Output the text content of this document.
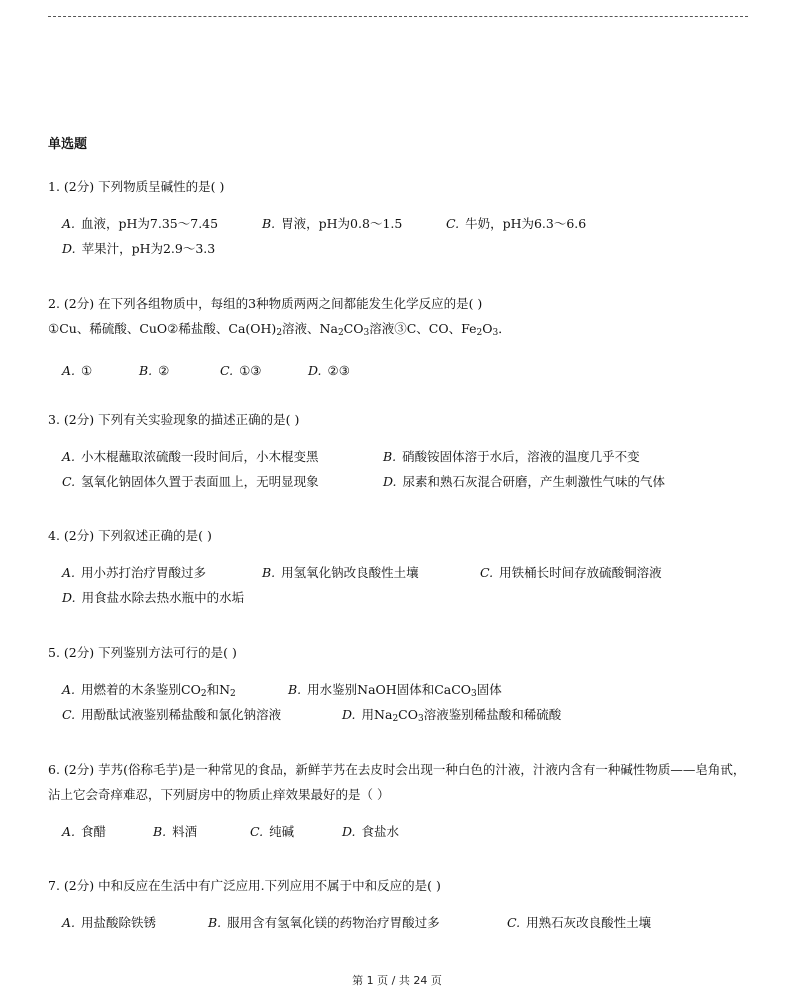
单选题
1. (2分) 下列物质呈碱性的是( )
A. 血液，pH为7.35～7.45	B. 胃液，pH为0.8～1.5	C. 牛奶，pH为6.3～6.6
D. 苹果汁，pH为2.9～3.3
2. (2分) 在下列各组物质中，每组的3种物质两两之间都能发生化学反应的是( )
①Cu、稀硫酸、CuO②稀盐酸、$Ca(OH)_2$溶液、$Na_2CO_3$溶液③C、CO、$Fe_2O_3$．
A. ①	B. ②	C. ①③	D. ②③
3. (2分) 下列有关实验现象的描述正确的是( )
A. 小木棍蘸取浓硫酸一段时间后，小木棍变黑	B. 硝酸铵固体溶于水后，溶液的温度几乎不变
C. 氢氧化钠固体久置于表面皿上，无明显现象	D. 尿素和熟石灰混合研磨，产生刺激性气味的气体
4. (2分) 下列叙述正确的是( )
A. 用小苏打治疗胃酸过多	B. 用氢氧化钠改良酸性土壤	C. 用铁桶长时间存放硫酸铜溶液
D. 用食盐水除去热水瓶中的水垢
5. (2分) 下列鉴别方法可行的是( )
A. 用燃着的木条鉴别$CO_2$和$N_2$	B. 用水鉴别NaOH固体和CaCO$_3$固体
C. 用酚酞试液鉴别稀盐酸和氯化钠溶液	D. 用$Na_2CO_3$溶液鉴别稀盐酸和稀硫酸
6. (2分) 芋艿(俗称毛芋)是一种常见的食品，新鲜芋艿在去皮时会出现一种白色的汁液，汁液内含有一种碱性物质——皂角甙，沾上它会奇痒难忍，下列厨房中的物质止痒效果最好的是（ ）
A. 食醋	B. 料酒	C. 纯碱	D. 食盐水
7. (2分) 中和反应在生活中有广泛应用.下列应用不属于中和反应的是( )
A. 用盐酸除铁锈	B. 服用含有氢氧化镁的药物治疗胃酸过多	C. 用熟石灰改良酸性土壤
第 1 页 / 共 24 页
